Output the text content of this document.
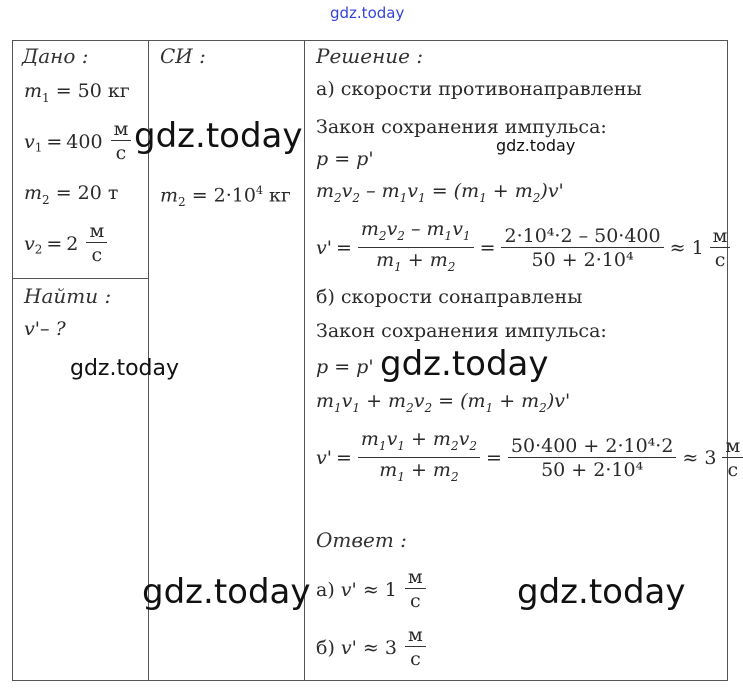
gdz.today
Дано :
$m_1 = 50$ кг
$v_1 = 400$
м
с
$m_2 = 20$ т
$v_2 = 2$
м
с
Найти :
v'– ?
СИ :
$m_2 = 2\cdot 10^4$ кг
Решение :
а) скорости противонаправлены
Закон сохранения импульса:
p = p'
$m_2v_2 - m_1v_1 = (m_1 + m_2)v'$
$v' = \frac{m_2v_2 - m_1v_1}{m_1 + m_2} = \frac{\text{2·10⁴·2 – 50·400}}{\text{50 + 2·10⁴}} \approx 1$
м
с
б) скорости сонаправлены
Закон сохранения импульса:
p = p'
$m_1v_1 + m_2v_2 = (m_1 + m_2)v'$
$v' = \frac{m_1v_1 + m_2v_2}{m_1 + m_2} = \frac{\text{50·400 + 2·10⁴·2}}{\text{50 + 2·10⁴}} \approx 3$
м
с
Ответ :
а) v' ≈ 1
м
с
б) v' ≈ 3
м
с
gdz.today	gdz.today
gdz.today	gdz.today
gdz.today	gdz.today
